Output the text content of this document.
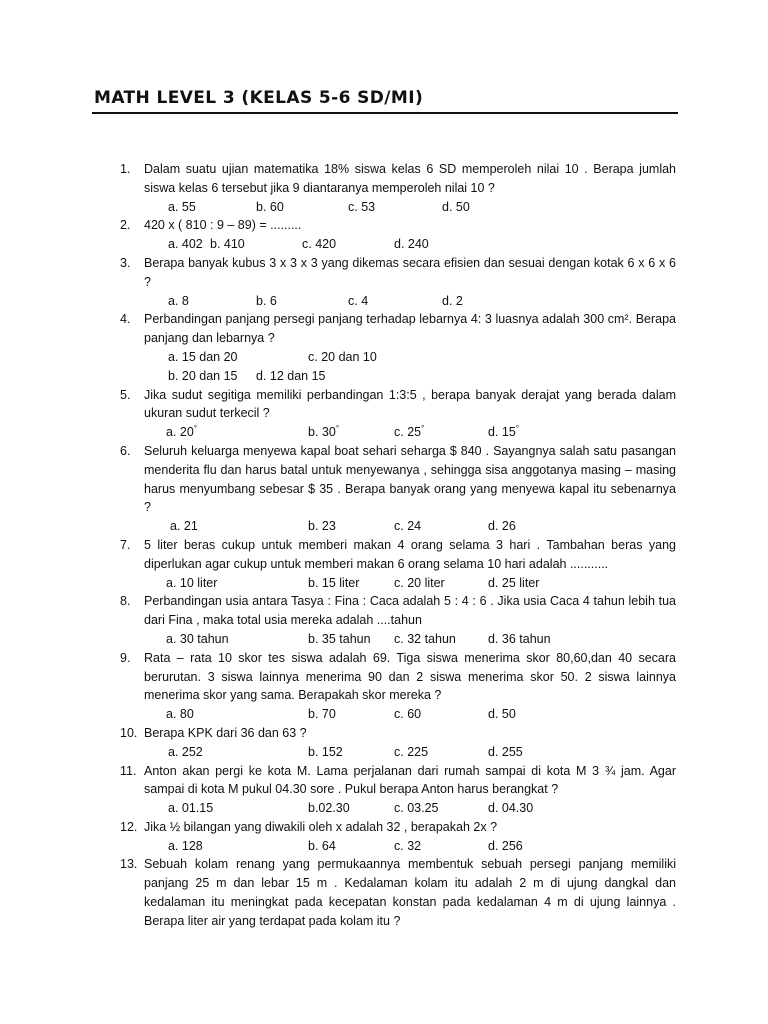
MATH LEVEL 3 (KELAS 5-6 SD/MI)
1. Dalam suatu ujian matematika 18% siswa kelas 6 SD memperoleh nilai 10 . Berapa jumlah siswa kelas 6 tersebut jika 9 diantaranya memperoleh nilai 10 ?
a. 55	b. 60	c. 53	d. 50
2. 420 x ( 810 : 9 – 89) = .........
a. 402 b. 410	c. 420	d. 240
3. Berapa banyak kubus 3 x 3 x 3 yang dikemas secara efisien dan sesuai dengan kotak 6 x 6 x 6 ?
a. 8	b. 6	c. 4	d. 2
4. Perbandingan panjang persegi panjang terhadap lebarnya 4: 3 luasnya adalah 300 cm². Berapa panjang dan lebarnya ?
a. 15 dan 20	c. 20 dan 10
b. 20 dan 15 d. 12 dan 15
5. Jika sudut segitiga memiliki perbandingan 1:3:5 , berapa banyak derajat yang berada dalam ukuran sudut terkecil ?
a. 20°	b. 30°	c. 25°	d. 15°
6. Seluruh keluarga menyewa kapal boat sehari seharga $ 840 . Sayangnya salah satu pasangan menderita flu dan harus batal untuk menyewanya , sehingga sisa anggotanya masing – masing harus menyumbang sebesar $ 35 . Berapa banyak orang yang menyewa kapal itu sebenarnya ?
a. 21	b. 23	c. 24	d. 26
7. 5 liter beras cukup untuk memberi makan 4 orang selama 3 hari . Tambahan beras yang diperlukan agar cukup untuk memberi makan 6 orang selama 10 hari adalah ...........
a. 10 liter	b. 15 liter	c. 20 liter	d. 25 liter
8. Perbandingan usia antara Tasya : Fina : Caca adalah 5 : 4 : 6 . Jika usia Caca 4 tahun lebih tua dari Fina , maka total usia mereka adalah ....tahun
a. 30 tahun	b. 35 tahun c. 32 tahun	d. 36 tahun
9. Rata – rata 10 skor tes siswa adalah 69. Tiga siswa menerima skor 80,60,dan 40 secara berurutan. 3 siswa lainnya menerima 90 dan 2 siswa menerima skor 50. 2 siswa lainnya menerima skor yang sama. Berapakah skor mereka ?
a. 80	b. 70	c. 60	d. 50
10. Berapa KPK dari 36 dan 63 ?
a. 252	b. 152	c. 225	d. 255
11. Anton akan pergi ke kota M. Lama perjalanan dari rumah sampai di kota M 3 ¾ jam. Agar sampai di kota M pukul 04.30 sore . Pukul berapa Anton harus berangkat ?
a. 01.15	b.02.30	c. 03.25	d. 04.30
12. Jika ½ bilangan yang diwakili oleh x adalah 32 , berapakah 2x ?
a. 128	b. 64	c. 32	d. 256
13. Sebuah kolam renang yang permukaannya membentuk sebuah persegi panjang memiliki panjang 25 m dan lebar 15 m . Kedalaman kolam itu adalah 2 m di ujung dangkal dan kedalaman itu meningkat pada kecepatan konstan pada kedalaman 4 m di ujung lainnya . Berapa liter air yang terdapat pada kolam itu ?
